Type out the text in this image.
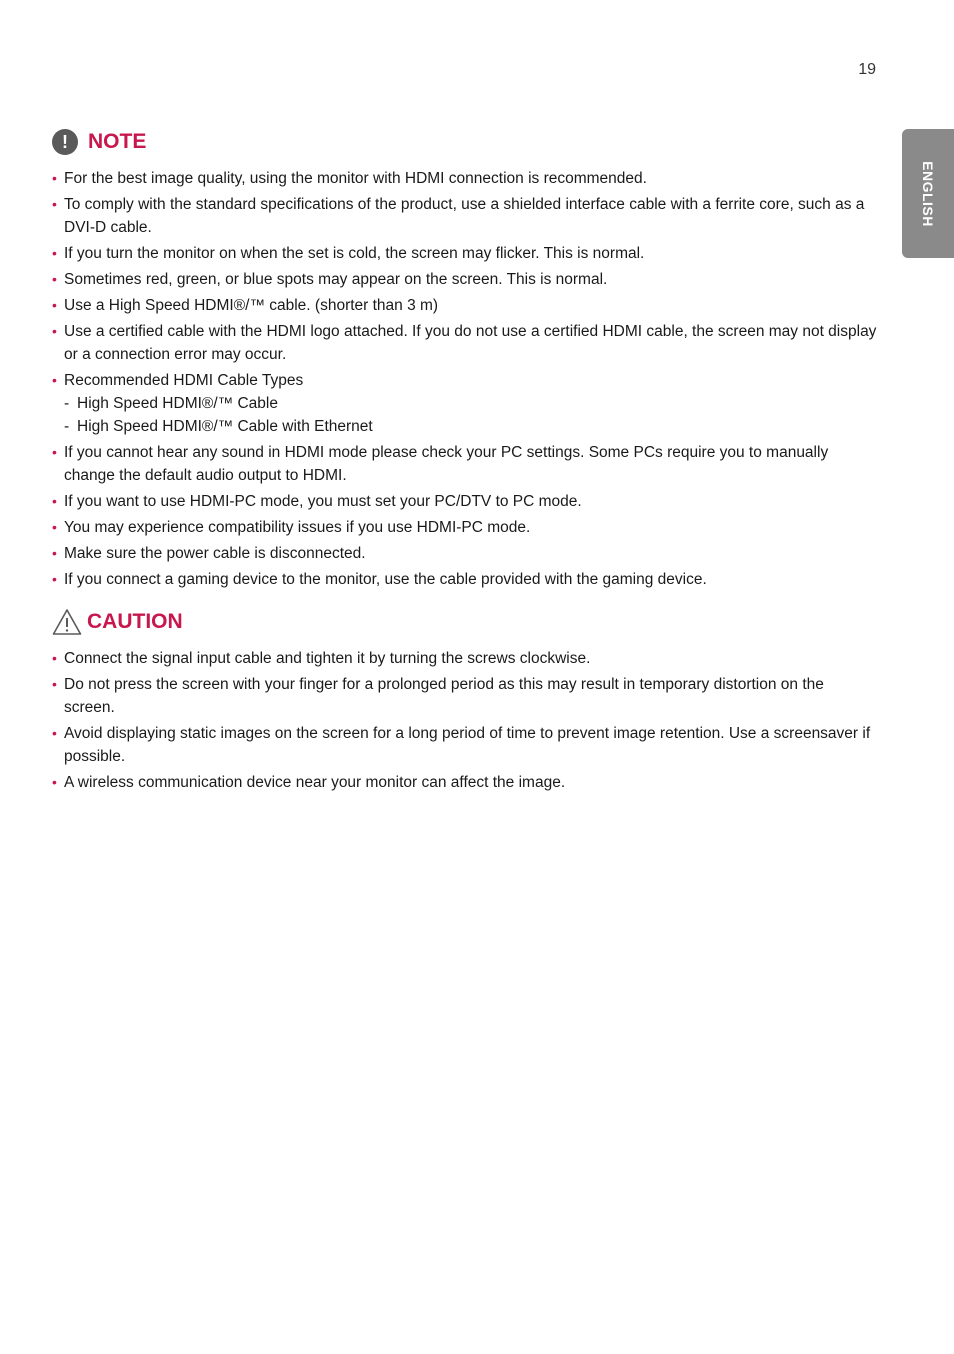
19
ENGLISH
! NOTE
• For the best image quality, using the monitor with HDMI connection is recommended.
• To comply with the standard specifications of the product, use a shielded interface cable with a ferrite core, such as a DVI-D cable.
• If you turn the monitor on when the set is cold, the screen may flicker. This is normal.
• Sometimes red, green, or blue spots may appear on the screen. This is normal.
• Use a High Speed HDMI®/™ cable. (shorter than 3 m)
• Use a certified cable with the HDMI logo attached. If you do not use a certified HDMI cable, the screen may not display or a connection error may occur.
• Recommended HDMI Cable Types
- High Speed HDMI®/™ Cable
- High Speed HDMI®/™ Cable with Ethernet
• If you cannot hear any sound in HDMI mode please check your PC settings. Some PCs require you to manually change the default audio output to HDMI.
• If you want to use HDMI-PC mode, you must set your PC/DTV to PC mode.
• You may experience compatibility issues if you use HDMI-PC mode.
• Make sure the power cable is disconnected.
• If you connect a gaming device to the monitor, use the cable provided with the gaming device.
CAUTION
• Connect the signal input cable and tighten it by turning the screws clockwise.
• Do not press the screen with your finger for a prolonged period as this may result in temporary distortion on the screen.
• Avoid displaying static images on the screen for a long period of time to prevent image retention. Use a screensaver if possible.
• A wireless communication device near your monitor can affect the image.
